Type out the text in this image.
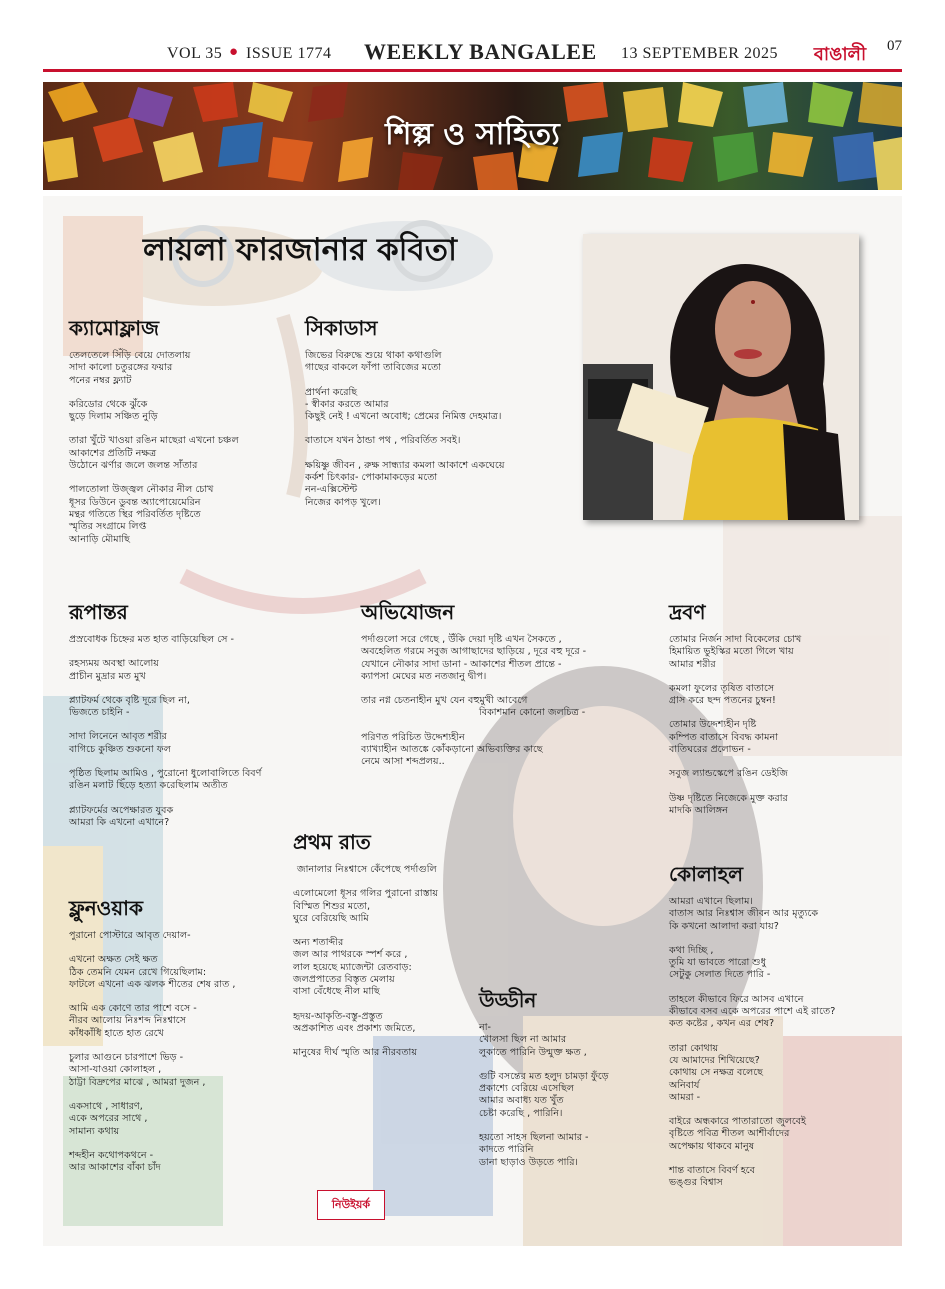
VOL 35 ● ISSUE 1774 WEEKLY BANGALEE 13 SEPTEMBER 2025 বাঙালী 07
শিল্প ও সাহিত্য
লায়লা ফারজানার কবিতা
ক্যামোফ্লাজ
তেলতেলে সিঁড়ি বেয়ে দোতলায়
সাদা কালো চতুরঙ্গের ফয়ার
পনের নম্বর ফ্ল্যাট
করিডোর থেকে ঝুঁকে
ছুড়ে দিলাম সঞ্চিত নুড়ি
তারা খুঁটে খাওয়া রঙিন মাছেরা এখনো চঞ্চল
আকাশের প্রতিটি নক্ষত্র
উঠোনে ঝর্ণার জলে জলন্ত সাঁতার
পালতোলা উজ্জ্বল নৌকার নীল চোখ
ধূসর ডিউনে ডুবন্ত অ্যাপোয়েমেরিন
মন্থর গতিতে স্থির পরিবর্তিত দৃষ্টিতে
স্মৃতির সংগ্রামে লিপ্ত
আনাড়ি মৌমাছি
সিকাডাস
জিভের বিরুদ্ধে শুয়ে থাকা কথাগুলি
গাছের বাকলে ফাঁপা তাবিজের মতো
প্রার্থনা করেছি
- স্বীকার করতে আমার
কিছুই নেই ! এখনো অবোধ; প্রেমের নিমিত্ত দেহমাত্র।
বাতাসে যখন ঠান্ডা পথ , পরিবর্তিত সবই।
ক্ষয়িষ্ণু জীবন , রুক্ষ সান্ধ্যার কমলা আকাশে একঘেয়ে
কর্কশ চিৎকার- পোকামাকড়ের মতো
নন-এক্সিস্টেন্ট
নিজের কাপড় খুলে।
রূপান্তর
প্রস্রবোধক চিহ্নের মত হাত বাড়িয়েছিল সে -
রহস্যময় অবস্থা আলোয়
প্রাচীন মুদ্রার মত মুখ
প্ল্যাটফর্ম থেকে বৃষ্টি দূরে ছিল না,
ভিজতে চাইনি -
সাদা লিনেনে আবৃত শরীর
বাগিচে কুঞ্চিত শুকনো ফল
পৃষ্ঠিত ছিলাম আমিও , পুরোনো ধুলোবালিতে বিবর্ণ
রঙিন মলাট ছিঁড়ে হত্যা করেছিলাম অতীত
প্ল্যাটফর্মের অপেক্ষারত যুবক
আমরা কি এখনো এখানে?
অভিযোজন
পর্দাগুলো সরে গেছে , উঁকি দেয়া দৃষ্টি এখন সৈকতে ,
অবহেলিত গরমে সবুজ আগাছাদের ছাড়িয়ে , দূরে বহু দূরে -
যেখানে নৌকার সাদা ডানা - আকাশের শীতল প্রান্তে -
ক্যাপসা মেঘের মত নতজানু দ্বীপ।
তার নগ্ন চেতনাহীন মুখ যেন বহুমুখী আবেগে
বিকাশমান কোনো জলচিত্র -
পরিণত পরিচিত উদ্দেশ্যহীন
ব্যাখ্যাহীন আতঙ্কে কোঁকড়ানো অভিব্যক্তির কাছে
নেমে আসা শব্দপ্রলয়..
দ্রবণ
তোমার নির্জন সাদা বিকেলের চোখ
হিমায়িত ভুইস্কির মতো গিলে খায়
আমার শরীর
কমলা ফুলের তৃষিত বাতাসে
গ্রাস করে ছন্দ পতনের চুম্বন!
তোমার উদ্দেশ্যহীন দৃষ্টি
কম্পিত বাতাসে বিবদ্ধ কামনা
বাতিঘরের প্রলোভন -
সবুজ ল্যান্ডস্কেপে রঙিন ডেইজি
উষ্ণ দৃষ্টিতে নিজেকে মুক্ত করার
মাদকি আলিঙ্গন
প্রথম রাত
জানালার নিঃশ্বাসে কেঁপেছে পর্দাগুলি
এলোমেলো ধূসর গলির পুরানো রাস্তায়
বিস্মিত শিশুর মতো,
ঘুরে বেরিয়েছি আমি
অন্য শতাব্দীর
জল আর পাথরকে স্পর্শ করে ,
লাল হয়েছে ম্যাজেন্টা রেতবাড়:
জলপ্রপাতের বিস্তৃত মেলায়
বাসা বেঁধেছে নীল মাছি
হৃদয়-আকৃতি-বস্তু-প্রস্তুত
অপ্রকাশিত এবং প্রকাশ্য জমিতে,
মানুষের দীর্ঘ স্মৃতি আর নীরবতায়
ফ্লুনওয়াক
পুরানো পোস্টারে আবৃত দেয়াল-
এখনো অক্ষত সেই ক্ষত
ঠিক তেমনি যেমন রেখে গিয়েছিলাম:
ফাটলে এখনো এক ঝলক শীতের শেষ রাত ,
আমি এক কোণে তার পাশে বসে -
নীরব আলোয় নিঃশব্দ নিঃশ্বাসে
কাঁধকাঁধি হাতে হাত রেখে
চুলার আগুনে চারপাশে ভিড় -
আসা-যাওয়া কোলাহল ,
ঠাট্টা বিদ্রুপের মাঝে , আমরা দুজন ,
একসাথে , সাধারণ,
একে অপরের সাথে ,
সামান্য কথায়
শব্দহীন কথোপকথনে -
আর আকাশের বাঁকা চাঁদ
উড্ডীন
না-
খোলসা ছিল না আমার
লুকাতে পারিনি উন্মুক্ত ক্ষত ,
গুটি বসন্তের মত হলুদ চামড়া ফুঁড়ে
প্রকাশ্যে বেরিয়ে এসেছিল
আমার অবাধ্য যত খুঁত
চেষ্টা করেছি , পারিনি।
হয়তো সাহস ছিলনা আমার -
কাদতে পারিনি
ডানা ছাড়াও উড়তে পারি।
কোলাহল
আমরা এখানে ছিলাম।
বাতাস আর নিঃশ্বাস জীবন আর মৃত্যুকে
কি কখনো আলাদা করা যায়?
কথা দিচ্ছি ,
তুমি যা ভাবতে পারো শুধু
সেটুকু সেলাত দিতে পারি -
তাহলে কীভাবে ফিরে আসব এখানে
কীভাবে বসব একে অপরের পাশে এই রাতে?
কত কষ্টের , কখন এর শেষ?
তারা কোথায়
যে আমাদের শিখিয়েছে?
কোথায় সে নক্ষত্র বলেছে
অনিবার্য
আমরা -
বাইরে অন্ধকারে পাতারাতো জুলবেই
বৃষ্টিতে পবিত্র শীতল আশীর্বাদের
অপেক্ষায় থাকবে মানুষ
শান্ত বাতাসে বিবর্ণ হবে
ভঙ্গুর বিশ্বাস
নিউইয়র্ক
